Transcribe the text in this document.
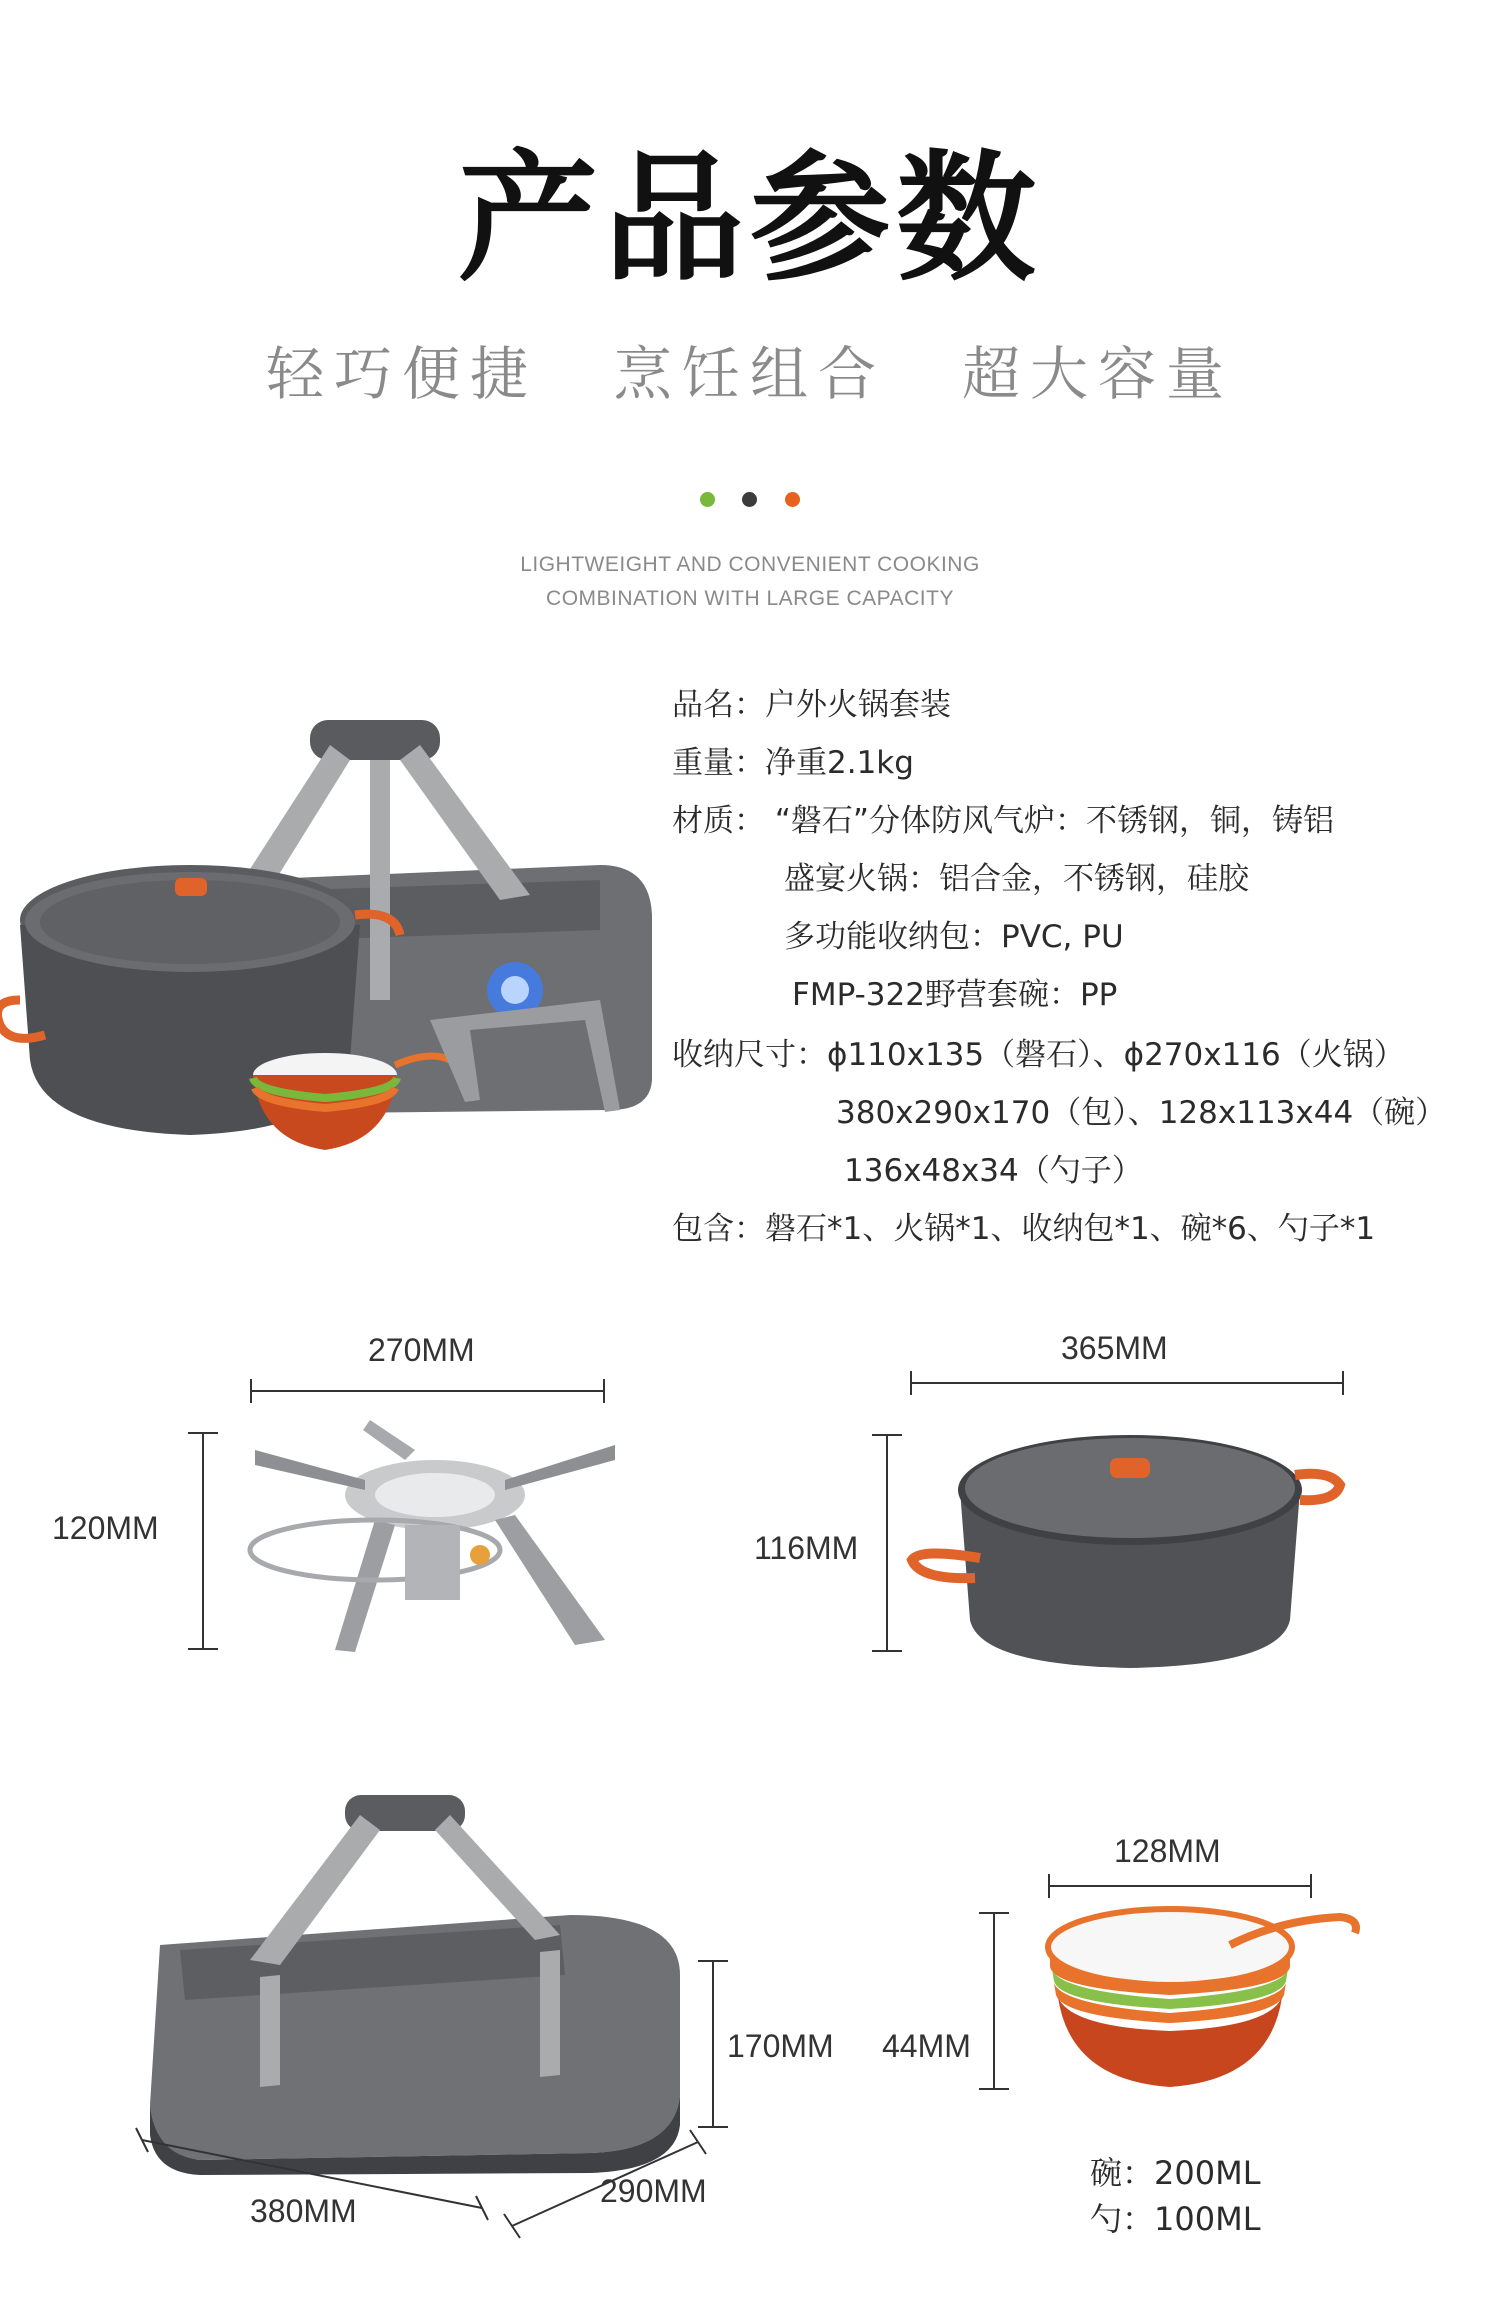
产品参数
轻巧便捷 烹饪组合 超大容量
LIGHTWEIGHT AND CONVENIENT COOKING
COMBINATION WITH LARGE CAPACITY
品名：户外火锅套装
重量：净重2.1kg
材质： “磐石”分体防风气炉：不锈钢，铜，铸铝
盛宴火锅：铝合金，不锈钢，硅胶
多功能收纳包：PVC, PU
FMP-322野营套碗：PP
收纳尺寸：ϕ110x135（磐石）、ϕ270x116（火锅）
380x290x170（包）、128x113x44（碗）
136x48x34（勺子）
包含：磐石*1、火锅*1、收纳包*1、碗*6、勺子*1
270MM
120MM
365MM
116MM
170MM
380MM
290MM
128MM
44MM
碗：200ML
勺：100ML
